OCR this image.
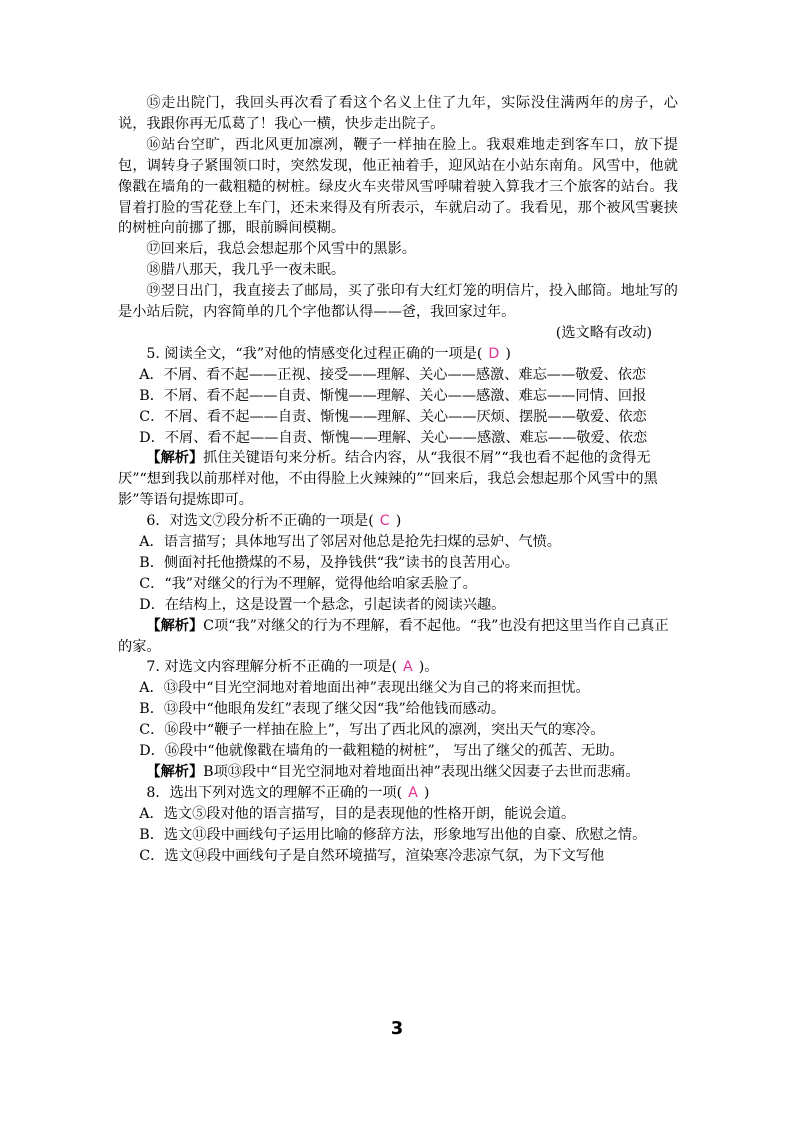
⑮走出院门，我回头再次看了看这个名义上住了九年，实际没住满两年的房子，心说，我跟你再无瓜葛了！我心一横，快步走出院子。

⑯站台空旷，西北风更加凛冽，鞭子一样抽在脸上。我艰难地走到客车口，放下提包，调转身子紧围领口时，突然发现，他正袖着手，迎风站在小站东南角。风雪中，他就像戳在墙角的一截粗糙的树桩。绿皮火车夹带风雪呼啸着驶入算我才三个旅客的站台。我冒着打脸的雪花登上车门，还未来得及有所表示，车就启动了。我看见，那个被风雪裹挟的树桩向前挪了挪，眼前瞬间模糊。

⑰回来后，我总会想起那个风雪中的黑影。

⑱腊八那天，我几乎一夜未眠。

⑲翌日出门，我直接去了邮局，买了张印有大红灯笼的明信片，投入邮筒。地址写的是小站后院，内容简单的几个字他都认得——爸，我回家过年。

(选文略有改动)

5. 阅读全文，“我”对他的情感变化过程正确的一项是( D )

A．不屑、看不起——正视、接受——理解、关心——感激、难忘——敬爱、依恋

B．不屑、看不起——自责、惭愧——理解、关心——感激、难忘——同情、回报

C．不屑、看不起——自责、惭愧——理解、关心——厌烦、摆脱——敬爱、依恋

D．不屑、看不起——自责、惭愧——理解、关心——感激、难忘——敬爱、依恋

【解析】抓住关键语句来分析。结合内容，从“我很不屑”“我也看不起他的贪得无厌”“想到我以前那样对他，不由得脸上火辣辣的”“回来后，我总会想起那个风雪中的黑影”等语句提炼即可。

6．对选文⑦段分析不正确的一项是( C )

A．语言描写；具体地写出了邻居对他总是抢先扫煤的忌妒、气愤。

B．侧面衬托他攒煤的不易，及挣钱供“我”读书的良苦用心。

C．“我”对继父的行为不理解，觉得他给咱家丢脸了。

D．在结构上，这是设置一个悬念，引起读者的阅读兴趣。

【解析】C项“我”对继父的行为不理解，看不起他。“我”也没有把这里当作自己真正的家。

7. 对选文内容理解分析不正确的一项是( A )。

A．⑬段中“目光空洞地对着地面出神”表现出继父为自己的将来而担忧。

B．⑬段中“他眼角发红”表现了继父因“我”给他钱而感动。

C．⑯段中“鞭子一样抽在脸上”，写出了西北风的凛冽，突出天气的寒冷。

D．⑯段中“他就像戳在墙角的一截粗糙的树桩”， 写出了继父的孤苦、无助。

【解析】B项⑬段中“目光空洞地对着地面出神”表现出继父因妻子去世而悲痛。

8．选出下列对选文的理解不正确的一项( A )

A．选文⑤段对他的语言描写，目的是表现他的性格开朗，能说会道。

B．选文⑪段中画线句子运用比喻的修辞方法，形象地写出他的自豪、欣慰之情。

C．选文⑭段中画线句子是自然环境描写，渲染寒冷悲凉气氛，为下文写他

3
